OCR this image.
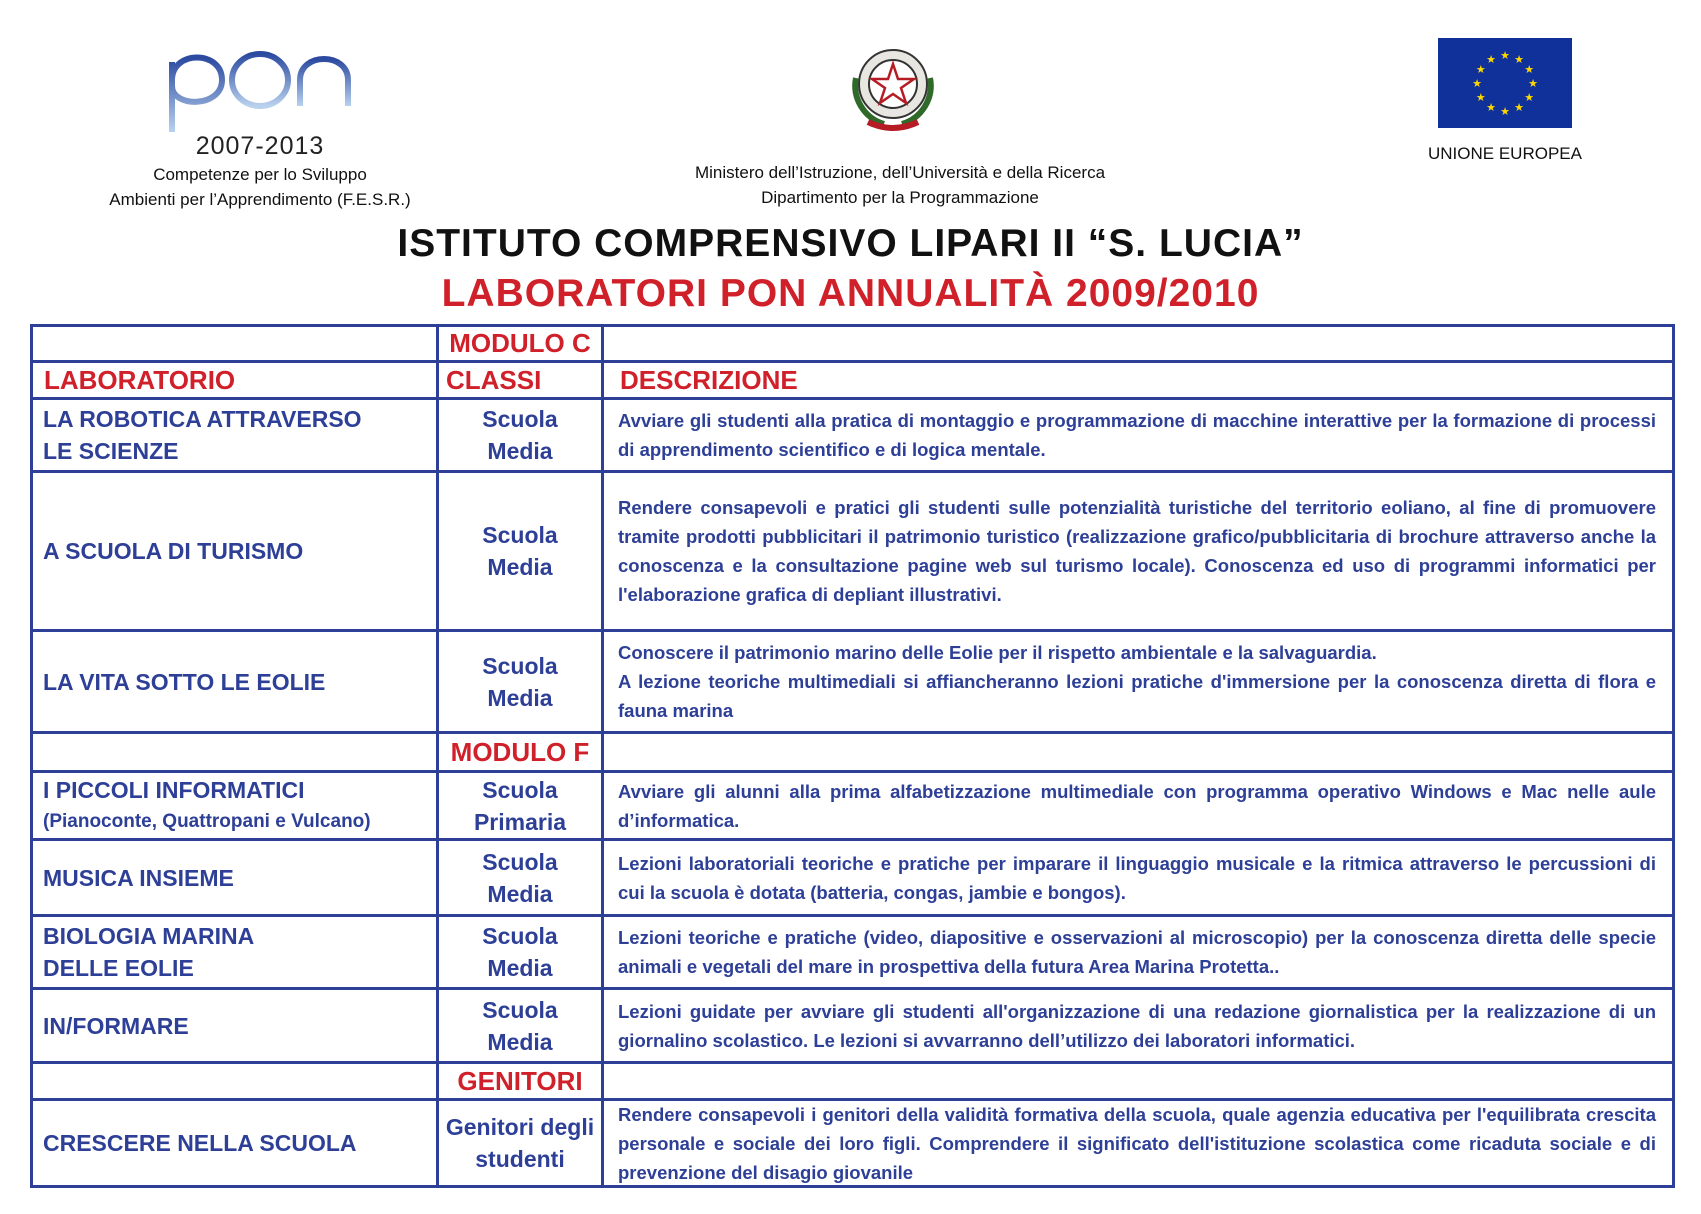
2007-2013
Competenze per lo Sviluppo
Ambienti per l’Apprendimento (F.E.S.R.)
Ministero dell’Istruzione, dell’Università e della Ricerca
Dipartimento per la Programmazione
★ ★
★
★
★
★
★
★
★
★
★
★
UNIONE EUROPEA
ISTITUTO COMPRENSIVO LIPARI II “S. LUCIA”
LABORATORI PON ANNUALITÀ 2009/2010
MODULO C
LABORATORIO	CLASSI	DESCRIZIONE
LA ROBOTICA ATTRAVERSO
LE SCIENZE
Scuola
Media
Avviare gli studenti alla pratica di montaggio e programmazione di macchine interattive per la formazione di processi di apprendimento scientifico e di logica mentale.
A SCUOLA DI TURISMO
Scuola
Media
Rendere consapevoli e pratici gli studenti sulle potenzialità turistiche del territorio eoliano, al fine di promuovere tramite prodotti pubblicitari il patrimonio turistico (realizzazione grafico/pubblicitaria di brochure attraverso anche la conoscenza e la consultazione pagine web sul turismo locale). Conoscenza ed uso di programmi informatici per l'elaborazione grafica di depliant illustrativi.
LA VITA SOTTO LE EOLIE
Scuola
Media
Conoscere il patrimonio marino delle Eolie per il rispetto ambientale e la salvaguardia.
A lezione teoriche multimediali si affiancheranno lezioni pratiche d'immersione per la conoscenza diretta di flora e fauna marina
MODULO F
I PICCOLI INFORMATICI
(Pianoconte, Quattropani e Vulcano)
Scuola
Primaria
Avviare gli alunni alla prima alfabetizzazione multimediale con programma operativo Windows e Mac nelle aule d’informatica.
MUSICA INSIEME
Scuola
Media
Lezioni laboratoriali teoriche e pratiche per imparare il linguaggio musicale e la ritmica attraverso le percussioni di cui la scuola è dotata (batteria, congas, jambie e bongos).
BIOLOGIA MARINA
DELLE EOLIE
Scuola
Media
Lezioni teoriche e pratiche (video, diapositive e osservazioni al microscopio) per la conoscenza diretta delle specie animali e vegetali del mare in prospettiva della futura Area Marina Protetta..
IN/FORMARE
Scuola
Media
Lezioni guidate per avviare gli studenti all'organizzazione di una redazione giornalistica per la realizzazione di un giornalino scolastico. Le lezioni si avvarranno dell’utilizzo dei laboratori informatici.
GENITORI
CRESCERE NELLA SCUOLA
Genitori degli
studenti
Rendere consapevoli i genitori della validità formativa della scuola, quale agenzia educativa per l'equilibrata crescita personale e sociale dei loro figli. Comprendere il significato dell'istituzione scolastica come ricaduta sociale e di prevenzione del disagio giovanile
